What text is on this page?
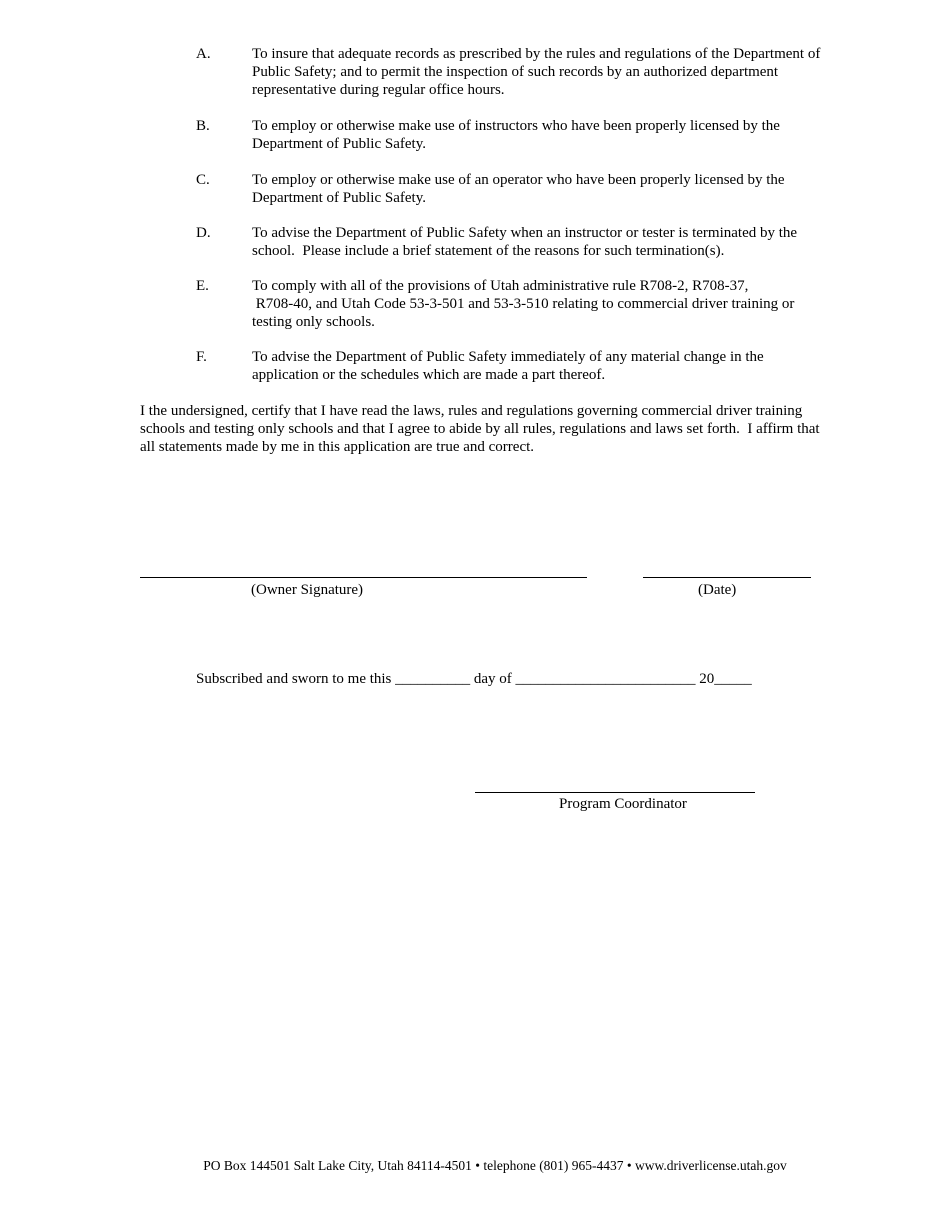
A.	To insure that adequate records as prescribed by the rules and regulations of the Department of
Public Safety; and to permit the inspection of such records by an authorized department
representative during regular office hours.
B.	To employ or otherwise make use of instructors who have been properly licensed by the
Department of Public Safety.
C.	To employ or otherwise make use of an operator who have been properly licensed by the
Department of Public Safety.
D.	To advise the Department of Public Safety when an instructor or tester is terminated by the
school.  Please include a brief statement of the reasons for such termination(s).
E.	To comply with all of the provisions of Utah administrative rule R708-2, R708-37,
R708-40, and Utah Code 53-3-501 and 53-3-510 relating to commercial driver training or
testing only schools.
F.	To advise the Department of Public Safety immediately of any material change in the
application or the schedules which are made a part thereof.
I the undersigned, certify that I have read the laws, rules and regulations governing commercial driver training
schools and testing only schools and that I agree to abide by all rules, regulations and laws set forth.  I affirm that
all statements made by me in this application are true and correct.
(Owner Signature)	(Date)
Subscribed and sworn to me this __________ day of ________________________ 20_____
Program Coordinator
PO Box 144501 Salt Lake City, Utah 84114-4501 • telephone (801) 965-4437 • www.driverlicense.utah.gov
